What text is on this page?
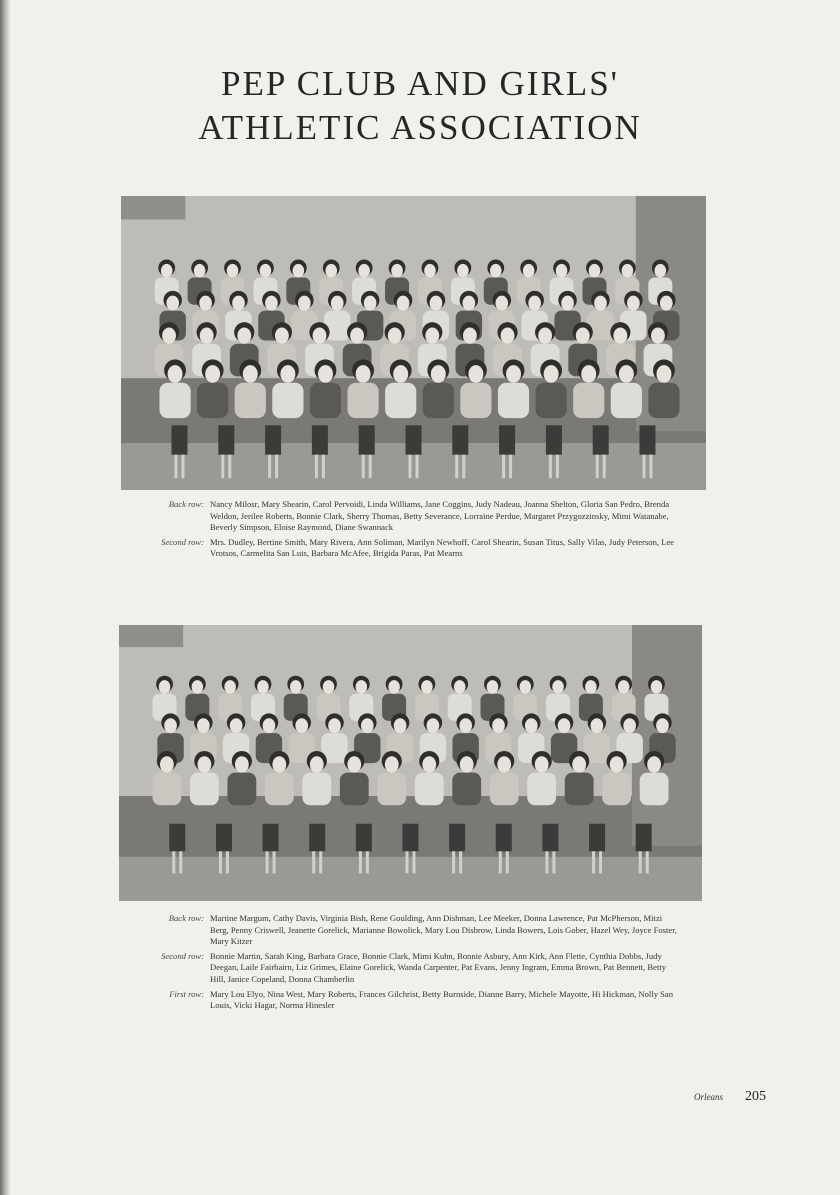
PEP CLUB AND GIRLS'
ATHLETIC ASSOCIATION
Back row: Nancy Milosr, Mary Shearin, Carol Pervoidi, Linda Williams, Jane Coggins, Judy Nadeau, Joanna Shelton, Gloria San Pedro, Brenda Weldon, Jerilee Roberts, Bonnie Clark, Sherry Thomas, Betty Severance, Lorraine Perdue, Margaret Przygozzinsky, Mimi Watanabe, Beverly Simpson, Eloise Raymond, Diane Swannack
Second row: Mrs. Dudley, Bertine Smith, Mary Rivera, Ann Soliman, Marilyn Newhoff, Carol Shearin, Susan Titus, Sally Vilas, Judy Peterson, Lee Vrotsos, Carmelita San Luis, Barbara McAfee, Brigida Paras, Pat Mearns
Back row: Martine Margum, Cathy Davis, Virginia Bish, Rene Goulding, Ann Dishman, Lee Meeker, Donna Lawrence, Pat McPherson, Mitzi Berg, Penny Criswell, Jeanette Gorelick, Marianne Bowolick, Mary Lou Disbrow, Linda Bowers, Lois Gober, Hazel Wey, Joyce Foster, Mary Kitzer
Second row: Bonnie Martin, Sarah King, Barbara Grace, Bonnie Clark, Mimi Kuhn, Bonnie Asbury, Ann Kirk, Ann Flette, Cynthia Dobbs, Judy Deegan, Laile Fairbairn, Liz Grimes, Elaine Gorelick, Wanda Carpenter, Pat Evans, Jenny Ingram, Emma Brown, Pat Bennett, Betty Hill, Janice Copeland, Donna Chamberlin
First row: Mary Lou Elyo, Nina West, Mary Roberts, Frances Gilchrist, Betty Burnside, Dianne Barry, Michele Mayotte, Hi Hickman, Nolly San Louis, Vicki Hagar, Norma Hinesler
Orleans 205
